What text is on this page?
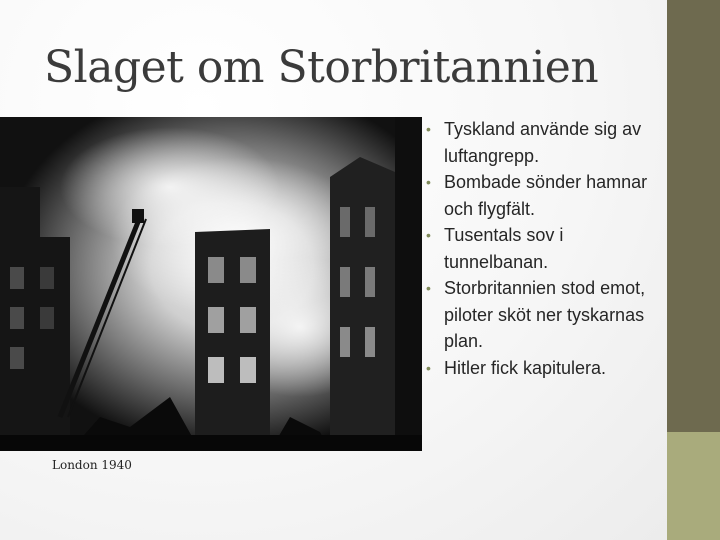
Slaget om Storbritannien
London 1940
• Tyskland använde sig av luftangrepp.
• Bombade sönder hamnar och flygfält.
• Tusentals sov i tunnelbanan.
• Storbritannien stod emot, piloter sköt ner tyskarnas plan.
• Hitler fick kapitulera.
